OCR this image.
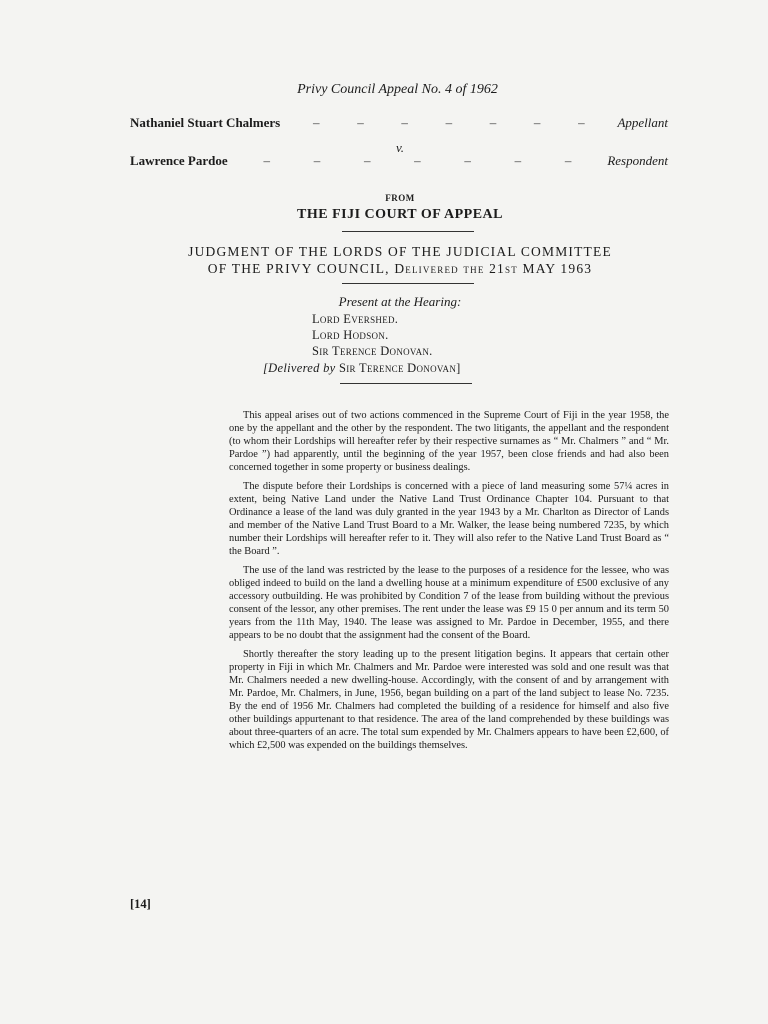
Privy Council Appeal No. 4 of 1962
Nathaniel Stuart Chalmers	–	–	–	–	–	–	–	Appellant
v.
Lawrence Pardoe	–	–	–	–	–	–	–	Respondent
FROM
THE FIJI COURT OF APPEAL
JUDGMENT OF THE LORDS OF THE JUDICIAL COMMITTEE
OF THE PRIVY COUNCIL, Delivered the 21st MAY 1963
Present at the Hearing:
Lord Evershed.
Lord Hodson.
Sir Terence Donovan.
[Delivered by Sir Terence Donovan]

This appeal arises out of two actions commenced in the Supreme Court of Fiji in the year 1958, the one by the appellant and the other by the respondent. The two litigants, the appellant and the respondent (to whom their Lordships will hereafter refer by their respective surnames as “ Mr. Chalmers ” and “ Mr. Pardoe ”) had apparently, until the beginning of the year 1957, been close friends and had also been concerned together in some property or business dealings.

The dispute before their Lordships is concerned with a piece of land measuring some 57¼ acres in extent, being Native Land under the Native Land Trust Ordinance Chapter 104. Pursuant to that Ordinance a lease of the land was duly granted in the year 1943 by a Mr. Charlton as Director of Lands and member of the Native Land Trust Board to a Mr. Walker, the lease being numbered 7235, by which number their Lordships will hereafter refer to it. They will also refer to the Native Land Trust Board as “ the Board ”.

The use of the land was restricted by the lease to the purposes of a residence for the lessee, who was obliged indeed to build on the land a dwelling house at a minimum expenditure of £500 exclusive of any accessory outbuilding. He was prohibited by Condition 7 of the lease from building without the previous consent of the lessor, any other premises. The rent under the lease was £9 15 0 per annum and its term 50 years from the 11th May, 1940. The lease was assigned to Mr. Pardoe in December, 1955, and there appears to be no doubt that the assignment had the consent of the Board.

Shortly thereafter the story leading up to the present litigation begins. It appears that certain other property in Fiji in which Mr. Chalmers and Mr. Pardoe were interested was sold and one result was that Mr. Chalmers needed a new dwelling-house. Accordingly, with the consent of and by arrangement with Mr. Pardoe, Mr. Chalmers, in June, 1956, began building on a part of the land subject to lease No. 7235. By the end of 1956 Mr. Chalmers had completed the building of a residence for himself and also five other buildings appurtenant to that residence. The area of the land comprehended by these buildings was about three-quarters of an acre. The total sum expended by Mr. Chalmers appears to have been £2,600, of which £2,500 was expended on the buildings themselves.

[14]
